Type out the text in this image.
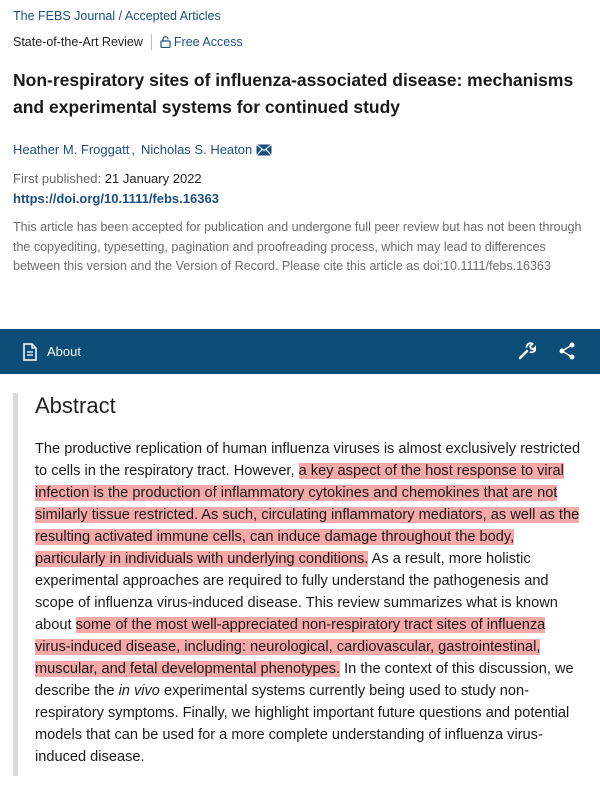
The FEBS Journal / Accepted Articles
State-of-the-Art Review Free Access
Non-respiratory sites of influenza-associated disease: mechanisms and experimental systems for continued study
Heather M. Froggatt , Nicholas S. Heaton
First published: 21 January 2022
https://doi.org/10.1111/febs.16363
This article has been accepted for publication and undergone full peer review but has not been through the copyediting, typesetting, pagination and proofreading process, which may lead to differences between this version and the Version of Record. Please cite this article as doi:10.1111/febs.16363
About
Abstract
The productive replication of human influenza viruses is almost exclusively restricted to cells in the respiratory tract. However, a key aspect of the host response to viral infection is the production of inflammatory cytokines and chemokines that are not similarly tissue restricted. As such, circulating inflammatory mediators, as well as the resulting activated immune cells, can induce damage throughout the body, particularly in individuals with underlying conditions. As a result, more holistic experimental approaches are required to fully understand the pathogenesis and scope of influenza virus-induced disease. This review summarizes what is known about some of the most well-appreciated non-respiratory tract sites of influenza virus-induced disease, including: neurological, cardiovascular, gastrointestinal, muscular, and fetal developmental phenotypes. In the context of this discussion, we describe the in vivo experimental systems currently being used to study non-respiratory symptoms. Finally, we highlight important future questions and potential models that can be used for a more complete understanding of influenza virus-induced disease.
